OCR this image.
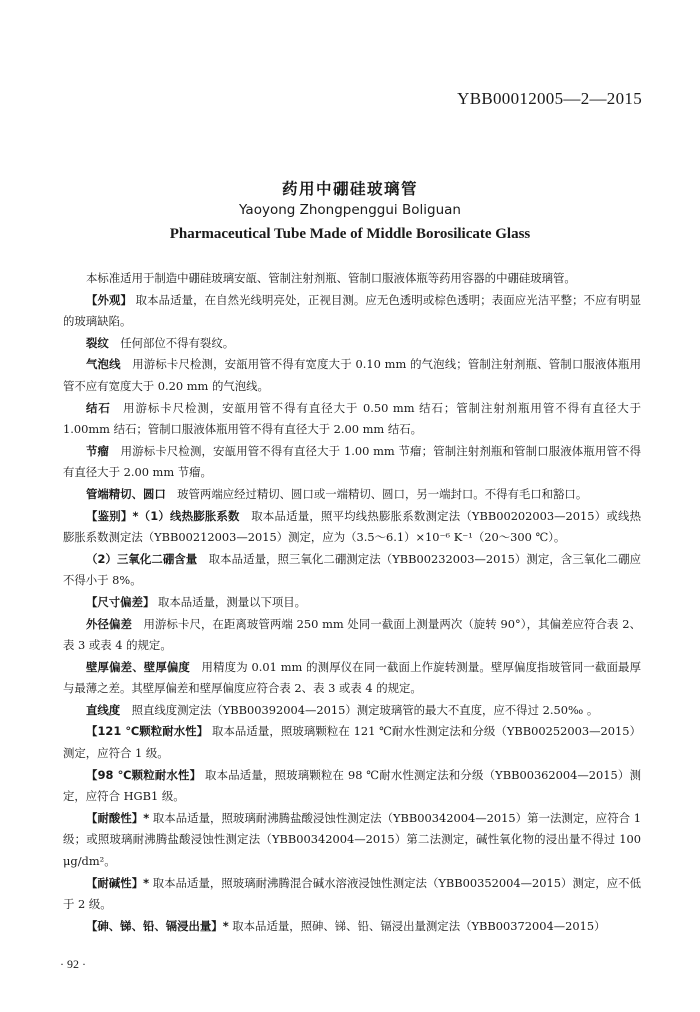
YBB00012005—2—2015
药用中硼硅玻璃管
Yaoyong Zhongpenggui Boliguan
Pharmaceutical Tube Made of Middle Borosilicate Glass

本标准适用于制造中硼硅玻璃安瓿、管制注射剂瓶、管制口服液体瓶等药用容器的中硼硅玻璃管。

【外观】 取本品适量，在自然光线明亮处，正视目测。应无色透明或棕色透明；表面应光洁平整；不应有明显的玻璃缺陷。

裂纹　任何部位不得有裂纹。

气泡线　用游标卡尺检测，安瓿用管不得有宽度大于 0.10 mm 的气泡线；管制注射剂瓶、管制口服液体瓶用管不应有宽度大于 0.20 mm 的气泡线。

结石　用游标卡尺检测，安瓿用管不得有直径大于 0.50 mm 结石；管制注射剂瓶用管不得有直径大于 1.00mm 结石；管制口服液体瓶用管不得有直径大于 2.00 mm 结石。

节瘤　用游标卡尺检测，安瓿用管不得有直径大于 1.00 mm 节瘤；管制注射剂瓶和管制口服液体瓶用管不得有直径大于 2.00 mm 节瘤。

管端精切、圆口　玻管两端应经过精切、圆口或一端精切、圆口，另一端封口。不得有毛口和豁口。

【鉴别】*（1）线热膨胀系数　取本品适量，照平均线热膨胀系数测定法（YBB00202003—2015）或线热膨胀系数测定法（YBB00212003—2015）测定，应为（3.5～6.1）×10⁻⁶ K⁻¹（20～300 ℃）。

（2）三氧化二硼含量　取本品适量，照三氧化二硼测定法（YBB00232003—2015）测定，含三氧化二硼应不得小于 8%。

【尺寸偏差】 取本品适量，测量以下项目。

外径偏差　用游标卡尺，在距离玻管两端 250 mm 处同一截面上测量两次（旋转 90°），其偏差应符合表 2、表 3 或表 4 的规定。

壁厚偏差、壁厚偏度　用精度为 0.01 mm 的测厚仪在同一截面上作旋转测量。壁厚偏度指玻管同一截面最厚与最薄之差。其壁厚偏差和壁厚偏度应符合表 2、表 3 或表 4 的规定。

直线度　照直线度测定法（YBB00392004—2015）测定玻璃管的最大不直度，应不得过 2.50‰ 。

【121 ℃颗粒耐水性】 取本品适量，照玻璃颗粒在 121 ℃耐水性测定法和分级（YBB00252003—2015）测定，应符合 1 级。

【98 ℃颗粒耐水性】 取本品适量，照玻璃颗粒在 98 ℃耐水性测定法和分级（YBB00362004—2015）测定，应符合 HGB1 级。

【耐酸性】* 取本品适量，照玻璃耐沸腾盐酸浸蚀性测定法（YBB00342004—2015）第一法测定，应符合 1 级；或照玻璃耐沸腾盐酸浸蚀性测定法（YBB00342004—2015）第二法测定，碱性氧化物的浸出量不得过 100 μg/dm²。

【耐碱性】* 取本品适量，照玻璃耐沸腾混合碱水溶液浸蚀性测定法（YBB00352004—2015）测定，应不低于 2 级。

【砷、锑、铅、镉浸出量】* 取本品适量，照砷、锑、铅、镉浸出量测定法（YBB00372004—2015）

· 92 ·
